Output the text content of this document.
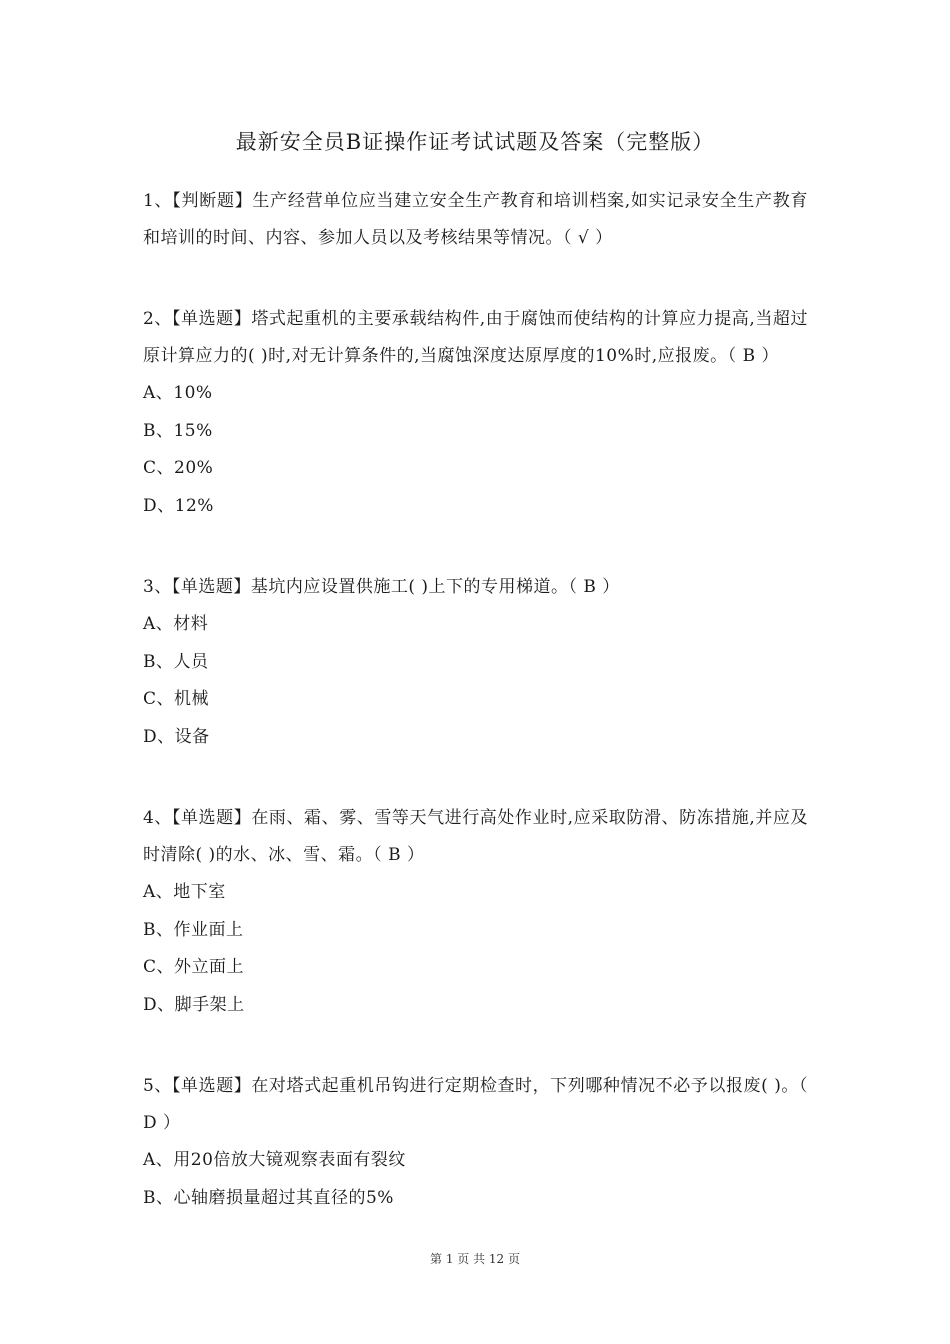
最新安全员B证操作证考试试题及答案（完整版）
1、【判断题】生产经营单位应当建立安全生产教育和培训档案,如实记录安全生产教育和培训的时间、内容、参加人员以及考核结果等情况。（ √ ）
2、【单选题】塔式起重机的主要承载结构件,由于腐蚀而使结构的计算应力提高,当超过原计算应力的( )时,对无计算条件的,当腐蚀深度达原厚度的10%时,应报废。（ B ）
A、10%
B、15%
C、20%
D、12%
3、【单选题】基坑内应设置供施工( )上下的专用梯道。（ B ）
A、材料
B、人员
C、机械
D、设备
4、【单选题】在雨、霜、雾、雪等天气进行高处作业时,应采取防滑、防冻措施,并应及时清除( )的水、冰、雪、霜。（ B ）
A、地下室
B、作业面上
C、外立面上
D、脚手架上
5、【单选题】在对塔式起重机吊钩进行定期检查时，下列哪种情况不必予以报废( )。（ D ）
A、用20倍放大镜观察表面有裂纹
B、心轴磨损量超过其直径的5%
第 1 页 共 12 页
